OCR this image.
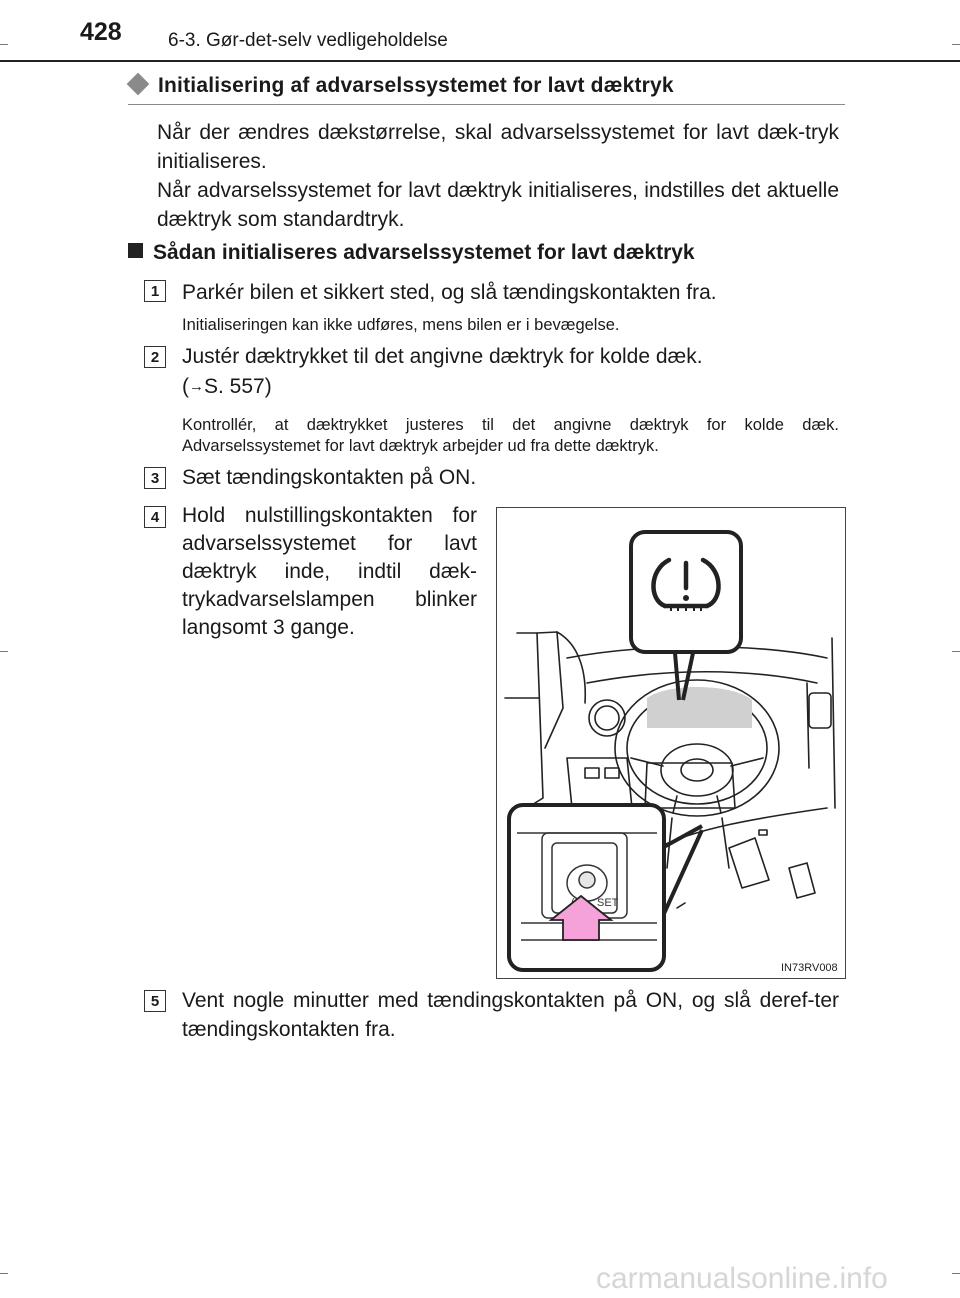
428 6-3. Gør-det-selv vedligeholdelse
Initialisering af advarselssystemet for lavt dæktryk
Når der ændres dækstørrelse, skal advarselssystemet for lavt dæk-tryk initialiseres.
Når advarselssystemet for lavt dæktryk initialiseres, indstilles det aktuelle dæktryk som standardtryk.
Sådan initialiseres advarselssystemet for lavt dæktryk
1	Parkér bilen et sikkert sted, og slå tændingskontakten fra.
Initialiseringen kan ikke udføres, mens bilen er i bevægelse.
2	Justér dæktrykket til det angivne dæktryk for kolde dæk.
(→S. 557)
Kontrollér, at dæktrykket justeres til det angivne dæktryk for kolde dæk. Advarselssystemet for lavt dæktryk arbejder ud fra dette dæktryk.
3	Sæt tændingskontakten på ON.
4	Hold nulstillingskontakten for advarselssystemet for lavt dæktryk inde, indtil dæk-trykadvarselslampen blinker langsomt 3 gange.
SET
IN73RV008
5	Vent nogle minutter med tændingskontakten på ON, og slå deref-ter tændingskontakten fra.
carmanualsonline.info
